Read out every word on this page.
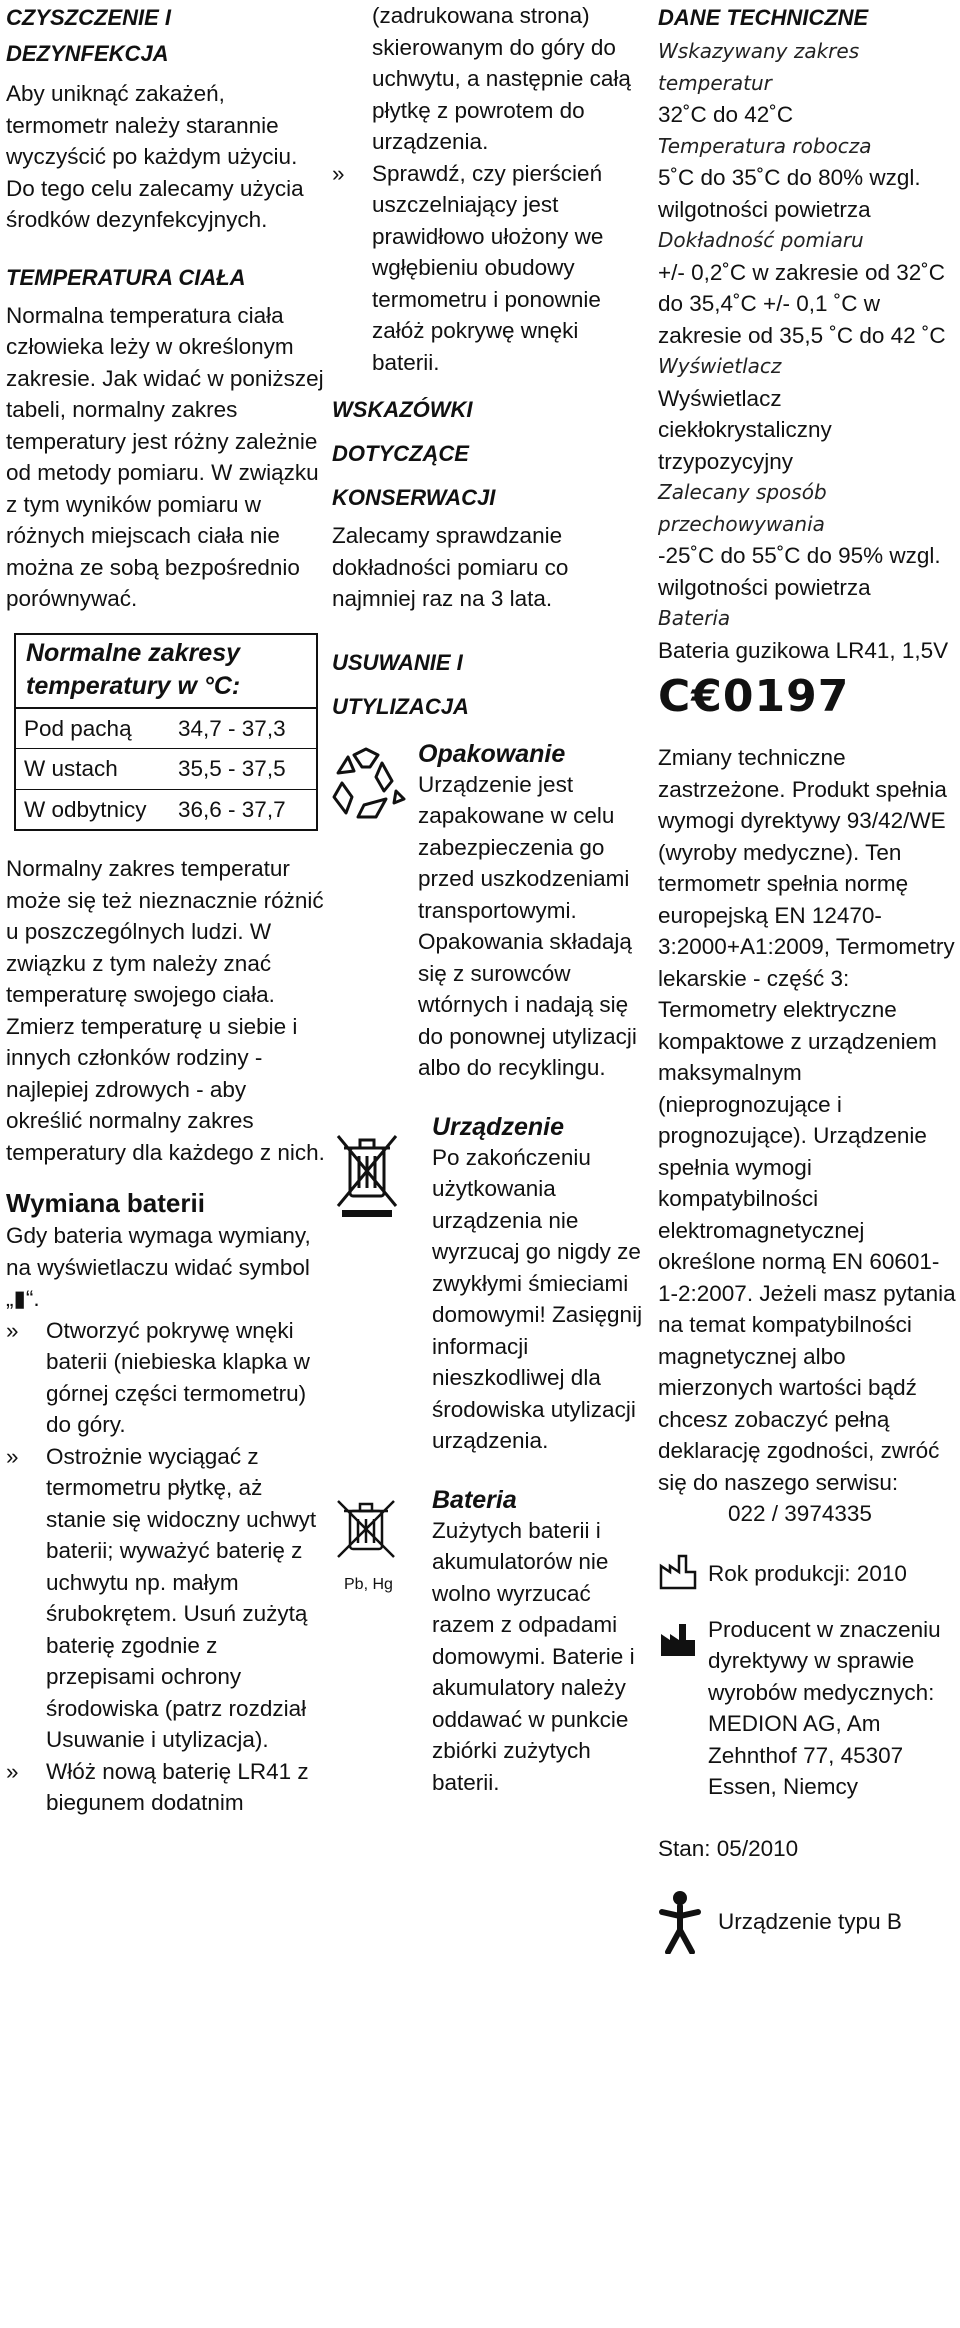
CZYSZCZENIE I DEZYNFEKCJA

Aby uniknąć zakażeń, termometr należy starannie wyczyścić po każdym użyciu. Do tego celu zalecamy użycia środków dezynfekcyjnych.

TEMPERATURA CIAŁA

Normalna temperatura ciała człowieka leży w określonym zakresie. Jak widać w poniższej tabeli, normalny zakres temperatury jest różny zależnie od metody pomiaru. W związku z tym wyników pomiaru w różnych miejscach ciała nie można ze sobą bezpośrednio porównywać.

Normalne zakresy temperatury w °C:
Pod pachą	34,7 - 37,3
W ustach	35,5 - 37,5
W odbytnicy	36,6 - 37,7

Normalny zakres temperatur może się też nieznacznie różnić u poszczególnych ludzi. W związku z tym należy znać temperaturę swojego ciała. Zmierz temperaturę u siebie i innych członków rodziny - najlepiej zdrowych - aby określić normalny zakres temperatury dla każdego z nich.

Wymiana baterii

Gdy bateria wymaga wymiany, na wyświetlaczu widać symbol „▮“.

» Otworzyć pokrywę wnęki baterii (niebieska klapka w górnej części termometru) do góry.
» Ostrożnie wyciągać z termometru płytkę, aż stanie się widoczny uchwyt baterii; wyważyć baterię z uchwytu np. małym śrubokrętem. Usuń zużytą baterię zgodnie z przepisami ochrony środowiska (patrz rozdział Usuwanie i utylizacja).
» Włóż nową baterię LR41 z biegunem dodatnim

(zadrukowana strona) skierowanym do góry do uchwytu, a następnie całą płytkę z powrotem do urządzenia.

» Sprawdź, czy pierścień uszczelniający jest prawidłowo ułożony we wgłębieniu obudowy termometru i ponownie załóż pokrywę wnęki baterii.
WSKAZÓWKI DOTYCZĄCE KONSERWACJI

Zalecamy sprawdzanie dokładności pomiaru co najmniej raz na 3 lata.

USUWANIE I UTYLIZACJA
Opakowanie

Urządzenie jest zapakowane w celu zabezpieczenia go przed uszkodzeniami transportowymi. Opakowania składają się z surowców wtórnych i nadają się do ponownej utylizacji albo do recyklingu.

Urządzenie

Po zakończeniu użytkowania urządzenia nie wyrzucaj go nigdy ze zwykłymi śmieciami domowymi! Zasięgnij informacji nieszkodliwej dla środowiska utylizacji urządzenia.

Pb, Hg
Bateria

Zużytych baterii i akumulatorów nie wolno wyrzucać razem z odpadami domowymi. Baterie i akumulatory należy oddawać w punkcie zbiórki zużytych baterii.

DANE TECHNICZNE
Wskazywany zakres temperatur

32˚C do 42˚C

Temperatura robocza

5˚C do 35˚C do 80% wzgl. wilgotności powietrza

Dokładność pomiaru

+/- 0,2˚C w zakresie od 32˚C do 35,4˚C +/- 0,1 ˚C w zakresie od 35,5 ˚C do 42 ˚C

Wyświetlacz

Wyświetlacz ciekłokrystaliczny trzypozycyjny

Zalecany sposób przechowywania

-25˚C do 55˚C do 95% wzgl. wilgotności powietrza

Bateria

Bateria guzikowa LR41, 1,5V

C€0197

Zmiany techniczne zastrzeżone. Produkt spełnia wymogi dyrektywy 93/42/WE (wyroby medyczne). Ten termometr spełnia normę europejską EN 12470-3:2000+A1:2009, Termometry lekarskie - część 3: Termometry elektryczne kompaktowe z urządzeniem maksymalnym (nieprognozujące i prognozujące). Urządzenie spełnia wymogi kompatybilności elektromagnetycznej określone normą EN 60601-1-2:2007. Jeżeli masz pytania na temat kompatybilności magnetycznej albo mierzonych wartości bądź chcesz zobaczyć pełną deklarację zgodności, zwróć się do naszego serwisu:

022 / 3974335

Rok produkcji: 2010

Producent w znaczeniu dyrektywy w sprawie wyrobów medycznych: MEDION AG, Am Zehnthof 77, 45307 Essen, Niemcy

Stan: 05/2010

Urządzenie typu B
